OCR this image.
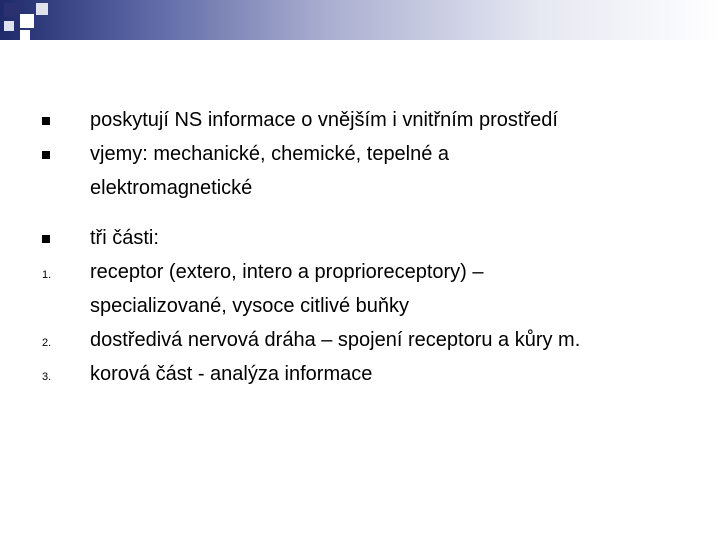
poskytují NS informace o vnějším i vnitřním prostředí
vjemy: mechanické, chemické, tepelné a
elektromagnetické
tři části:
1. receptor (extero, intero a proprioreceptory) –
specializované, vysoce citlivé buňky
2. dostředivá nervová dráha – spojení receptoru a kůry m.
3. korová část - analýza informace
